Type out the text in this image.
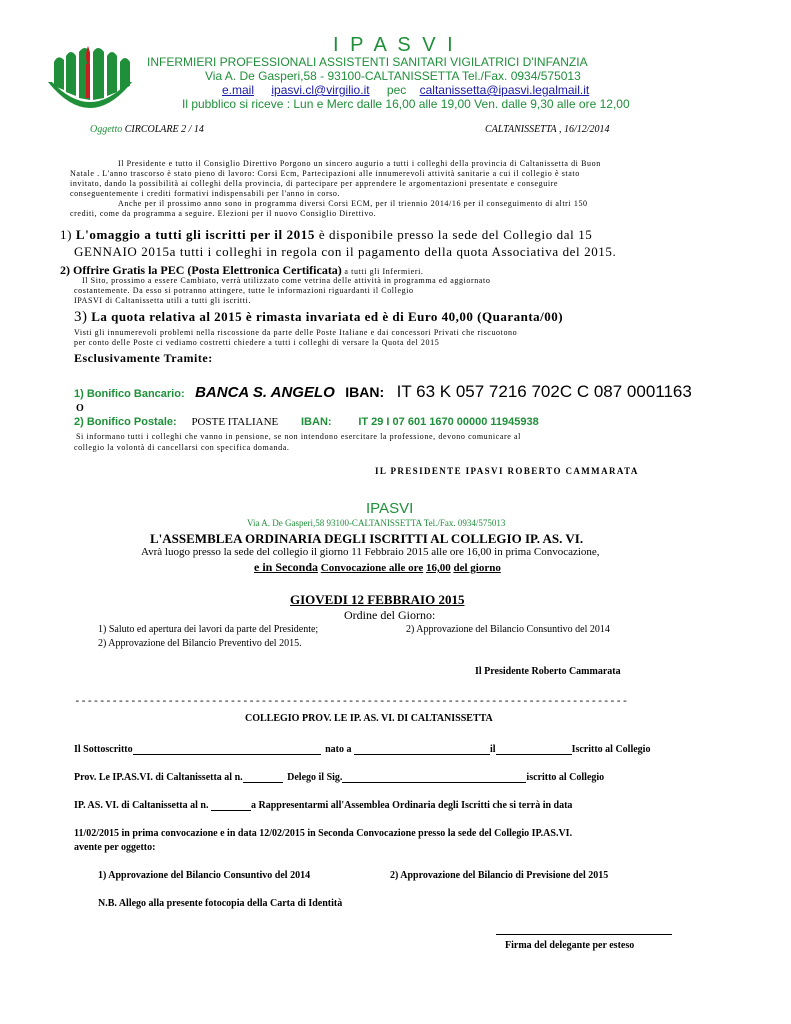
I P A S V I
INFERMIERI PROFESSIONALI ASSISTENTI SANITARI VIGILATRICI D'INFANZIA
Via A. De Gasperi,58 - 93100-CALTANISSETTA Tel./Fax. 0934/575013
e.mail ipasvi.cl@virgilio.it pec caltanissetta@ipasvi.legalmail.it
Il pubblico si riceve : Lun e Merc dalle 16,00 alle 19,00 Ven. dalle 9,30 alle ore 12,00
Oggetto CIRCOLARE 2 / 14	CALTANISSETTA , 16/12/2014
Il Presidente e tutto il Consiglio Direttivo Porgono un sincero augurio a tutti i colleghi della provincia di Caltanissetta di Buon
Natale . L'anno trascorso è stato pieno di lavoro: Corsi Ecm, Partecipazioni alle innumerevoli attività sanitarie a cui il collegio è stato
invitato, dando la possibilità ai colleghi della provincia, di partecipare per apprendere le argomentazioni presentate e conseguire
conseguentemente i crediti formativi indispensabili per l'anno in corso.
Anche per il prossimo anno sono in programma diversi Corsi ECM, per il triennio 2014/16 per il conseguimento di altri 150
crediti, come da programma a seguire. Elezioni per il nuovo Consiglio Direttivo.
1) L'omaggio a tutti gli iscritti per il 2015 è disponibile presso la sede del Collegio dal 15
GENNAIO 2015a tutti i colleghi in regola con il pagamento della quota Associativa del 2015.
2) Offrire Gratis la PEC (Posta Elettronica Certificata) a tutti gli Infermieri.
Il Sito, prossimo a essere Cambiato, verrà utilizzato come vetrina delle attività in programma ed aggiornato
costantemente. Da esso si potranno attingere, tutte le informazioni riguardanti il Collegio
IPASVI di Caltanissetta utili a tutti gli iscritti.
3) La quota relativa al 2015 è rimasta invariata ed è di Euro 40,00 (Quaranta/00)
Visti gli innumerevoli problemi nella riscossione da parte delle Poste Italiane e dai concessori Privati che riscuotono
per conto delle Poste ci vediamo costretti chiedere a tutti i colleghi di versare la Quota del 2015
Esclusivamente Tramite:
1) Bonifico Bancario: BANCA S. ANGELO IBAN: IT 63 K 057 7216 702C C 087 0001163
O
2) Bonifico Postale: POSTE ITALIANE IBAN: IT 29 I 07 601 1670 00000 11945938
Si informano tutti i colleghi che vanno in pensione, se non intendono esercitare la professione, devono comunicare al
collegio la volontà di cancellarsi con specifica domanda.
IL PRESIDENTE IPASVI ROBERTO CAMMARATA
IPASVI
Via A. De Gasperi,58 93100-CALTANISSETTA Tel./Fax. 0934/575013
L'ASSEMBLEA ORDINARIA DEGLI ISCRITTI AL COLLEGIO IP. AS. VI.
Avrà luogo presso la sede del collegio il giorno 11 Febbraio 2015 alle ore 16,00 in prima Convocazione,
e in Seconda Convocazione alle ore 16,00 del giorno
GIOVEDI 12 FEBBRAIO 2015
Ordine del Giorno:
1) Saluto ed apertura dei lavori da parte del Presidente;	2) Approvazione del Bilancio Consuntivo del 2014
2) Approvazione del Bilancio Preventivo del 2015.
Il Presidente Roberto Cammarata
-----------------------------------------------------------------------------------------
COLLEGIO PROV. LE IP. AS. VI. DI CALTANISSETTA
Il Sottoscritto	nato a	il	Iscritto al Collegio
Prov. Le IP.AS.VI. di Caltanissetta al n.	Delego il Sig.	iscritto al Collegio
IP. AS. VI. di Caltanissetta al n.	a Rappresentarmi all'Assemblea Ordinaria degli Iscritti che si terrà in data
11/02/2015 in prima convocazione e in data 12/02/2015 in Seconda Convocazione presso la sede del Collegio IP.AS.VI.
avente per oggetto:
1) Approvazione del Bilancio Consuntivo del 2014	2) Approvazione del Bilancio di Previsione del 2015
N.B. Allego alla presente fotocopia della Carta di Identità
Firma del delegante per esteso
